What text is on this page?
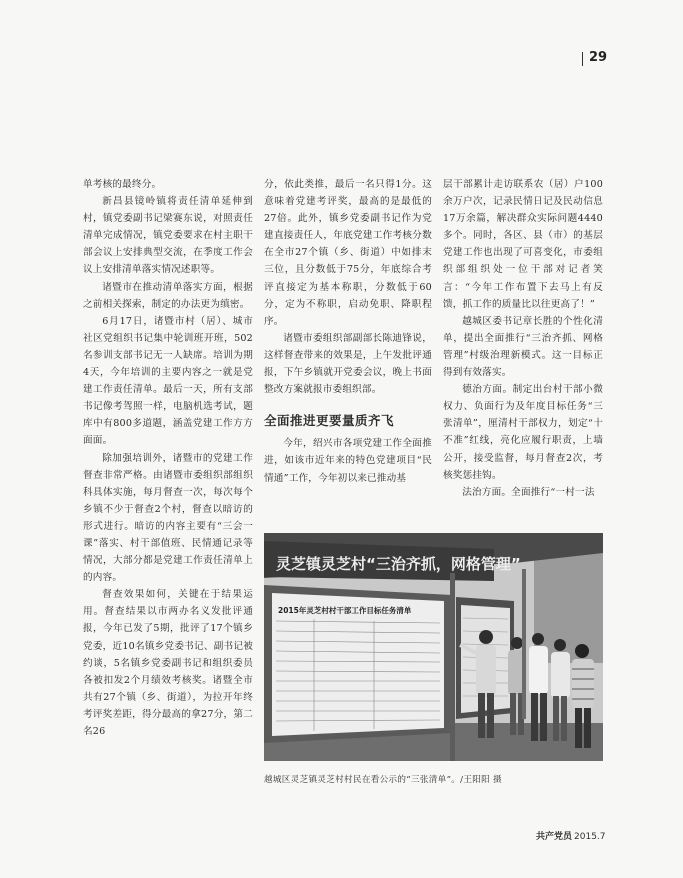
29

单考核的最终分。

新昌县镜岭镇将责任清单延伸到村，镇党委副书记梁赛东说，对照责任清单完成情况，镇党委要求在村主职干部会议上安排典型交流，在季度工作会议上安排清单落实情况述职等。

诸暨市在推动清单落实方面，根据之前相关探索，制定的办法更为缜密。

6月17日，诸暨市村（居）、城市社区党组织书记集中轮训班开班，502名参训支部书记无一人缺席。培训为期4天，今年培训的主要内容之一就是党建工作责任清单。最后一天，所有支部书记像考驾照一样，电脑机选考试，题库中有800多道题，涵盖党建工作方方面面。

除加强培训外，诸暨市的党建工作督查非常严格。由诸暨市委组织部组织科具体实施，每月督查一次，每次每个乡镇不少于督查2个村，督查以暗访的形式进行。暗访的内容主要有“三会一课”落实、村干部值班、民情通记录等情况，大部分都是党建工作责任清单上的内容。

督查效果如何，关键在于结果运用。督查结果以市两办名义发批评通报，今年已发了5期，批评了17个镇乡党委，近10名镇乡党委书记、副书记被约谈，5名镇乡党委副书记和组织委员各被扣发2个月绩效考核奖。诸暨全市共有27个镇（乡、街道），为拉开年终考评奖差距，得分最高的拿27分，第二名26

分，依此类推，最后一名只得1分。这意味着党建考评奖，最高的是最低的27倍。此外，镇乡党委副书记作为党建直接责任人，年底党建工作考核分数在全市27个镇（乡、街道）中如排末三位，且分数低于75分，年底综合考评直接定为基本称职，分数低于60分，定为不称职，启动免职、降职程序。

诸暨市委组织部副部长陈迪锋说，这样督查带来的效果是，上午发批评通报，下午乡镇就开党委会议，晚上书面整改方案就报市委组织部。

全面推进更要量质齐飞

今年，绍兴市各项党建工作全面推进，如该市近年来的特色党建项目“民情通”工作，今年初以来已推动基

层干部累计走访联系农（居）户100余万户次，记录民情日记及民动信息17万余篇，解决群众实际问题4440多个。同时，各区、县（市）的基层党建工作也出现了可喜变化，市委组织部组织处一位干部对记者笑言：“今年工作布置下去马上有反馈，抓工作的质量比以往更高了！”

越城区委书记章长胜的个性化清单，提出全面推行“三治齐抓、网格管理”村级治理新模式。这一目标正得到有效落实。

德治方面。制定出台村干部小微权力、负面行为及年度目标任务“三张清单”，厘清村干部权力，划定“十不准”红线，亮化应履行职责，上墙公开，接受监督，每月督查2次，考核奖惩挂钩。

法治方面。全面推行“一村一法

灵芝镇灵芝村“三治齐抓，网格管理”
2015年灵芝村村干部工作目标任务清单
越城区灵芝镇灵芝村村民在看公示的“三张清单”。/王阳阳 摄
共产党员 2015.7
